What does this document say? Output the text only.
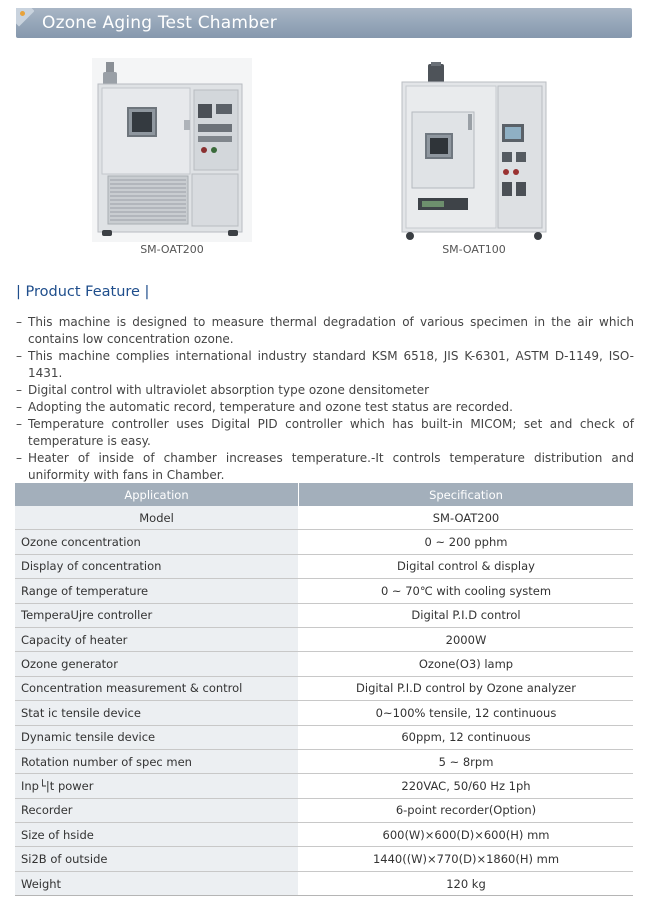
Ozone Aging Test Chamber
SM-OAT200	SM-OAT100
| Product Feature |
– This machine is designed to measure thermal degradation of various specimen in the air which contains low concentration ozone.
– This machine complies international industry standard KSM 6518, JIS K-6301, ASTM D-1149, ISO-1431.
– Digital control with ultraviolet absorption type ozone densitometer
– Adopting the automatic record, temperature and ozone test status are recorded.
– Temperature controller uses Digital PID controller which has built-in MICOM; set and check of temperature is easy.
– Heater of inside of chamber increases temperature.-It controls temperature distribution and uniformity with fans in Chamber.
Application	Specification
Model	SM-OAT200
Ozone concentration	0 ~ 200 pphm
Display of concentration	Digital control & display
Range of temperature	0 ~ 70℃ with cooling system
TemperaUjre controller	Digital P.I.D control
Capacity of heater	2000W
Ozone generator	Ozone(O3) lamp
Concentration measurement & control	Digital P.I.D control by Ozone analyzer
Stat ic tensile device	0~100% tensile, 12 continuous
Dynamic tensile device	60ppm, 12 continuous
Rotation number of spec men	5 ~ 8rpm
Inp└|t power	220VAC, 50/60 Hz 1ph
Recorder	6-point recorder(Option)
Size of hside	600(W)×600(D)×600(H) mm
Si2B of outside	1440((W)×770(D)×1860(H) mm
Weight	120 kg
